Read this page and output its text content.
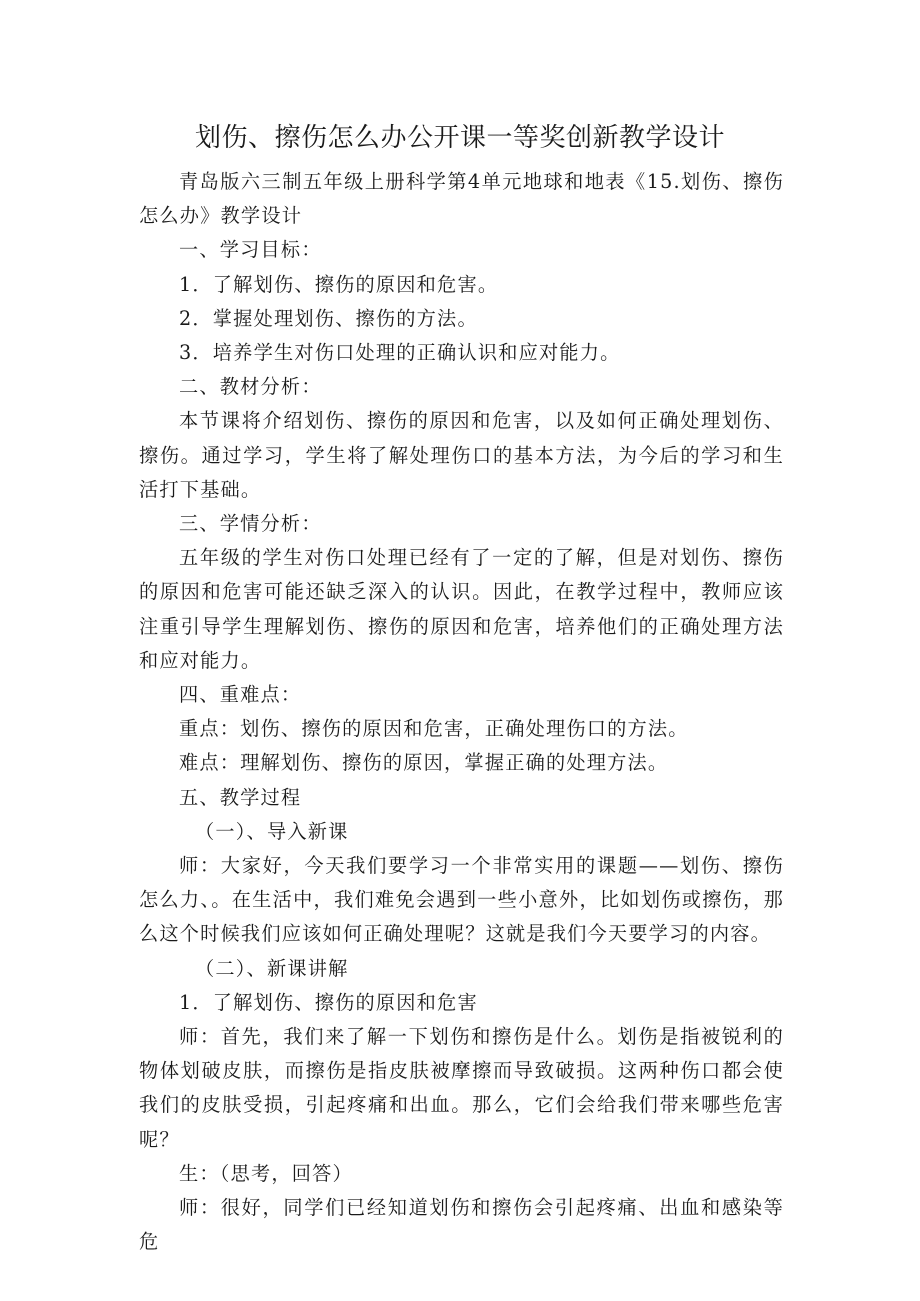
划伤、擦伤怎么办公开课一等奖创新教学设计

青岛版六三制五年级上册科学第4单元地球和地表《15.划伤、擦伤怎么办》教学设计

一、学习目标：

1．了解划伤、擦伤的原因和危害。

2．掌握处理划伤、擦伤的方法。

3．培养学生对伤口处理的正确认识和应对能力。

二、教材分析：

本节课将介绍划伤、擦伤的原因和危害，以及如何正确处理划伤、擦伤。通过学习，学生将了解处理伤口的基本方法，为今后的学习和生活打下基础。

三、学情分析：

五年级的学生对伤口处理已经有了一定的了解，但是对划伤、擦伤的原因和危害可能还缺乏深入的认识。因此，在教学过程中，教师应该注重引导学生理解划伤、擦伤的原因和危害，培养他们的正确处理方法和应对能力。

四、重难点：

重点：划伤、擦伤的原因和危害，正确处理伤口的方法。

难点：理解划伤、擦伤的原因，掌握正确的处理方法。

五、教学过程

（一）、导入新课

师：大家好，今天我们要学习一个非常实用的课题——划伤、擦伤怎么力、。在生活中，我们难免会遇到一些小意外，比如划伤或擦伤，那么这个时候我们应该如何正确处理呢？这就是我们今天要学习的内容。

（二）、新课讲解

1．了解划伤、擦伤的原因和危害

师：首先，我们来了解一下划伤和擦伤是什么。划伤是指被锐利的物体划破皮肤，而擦伤是指皮肤被摩擦而导致破损。这两种伤口都会使我们的皮肤受损，引起疼痛和出血。那么，它们会给我们带来哪些危害呢？

生：（思考，回答）

师：很好，同学们已经知道划伤和擦伤会引起疼痛、出血和感染等危
